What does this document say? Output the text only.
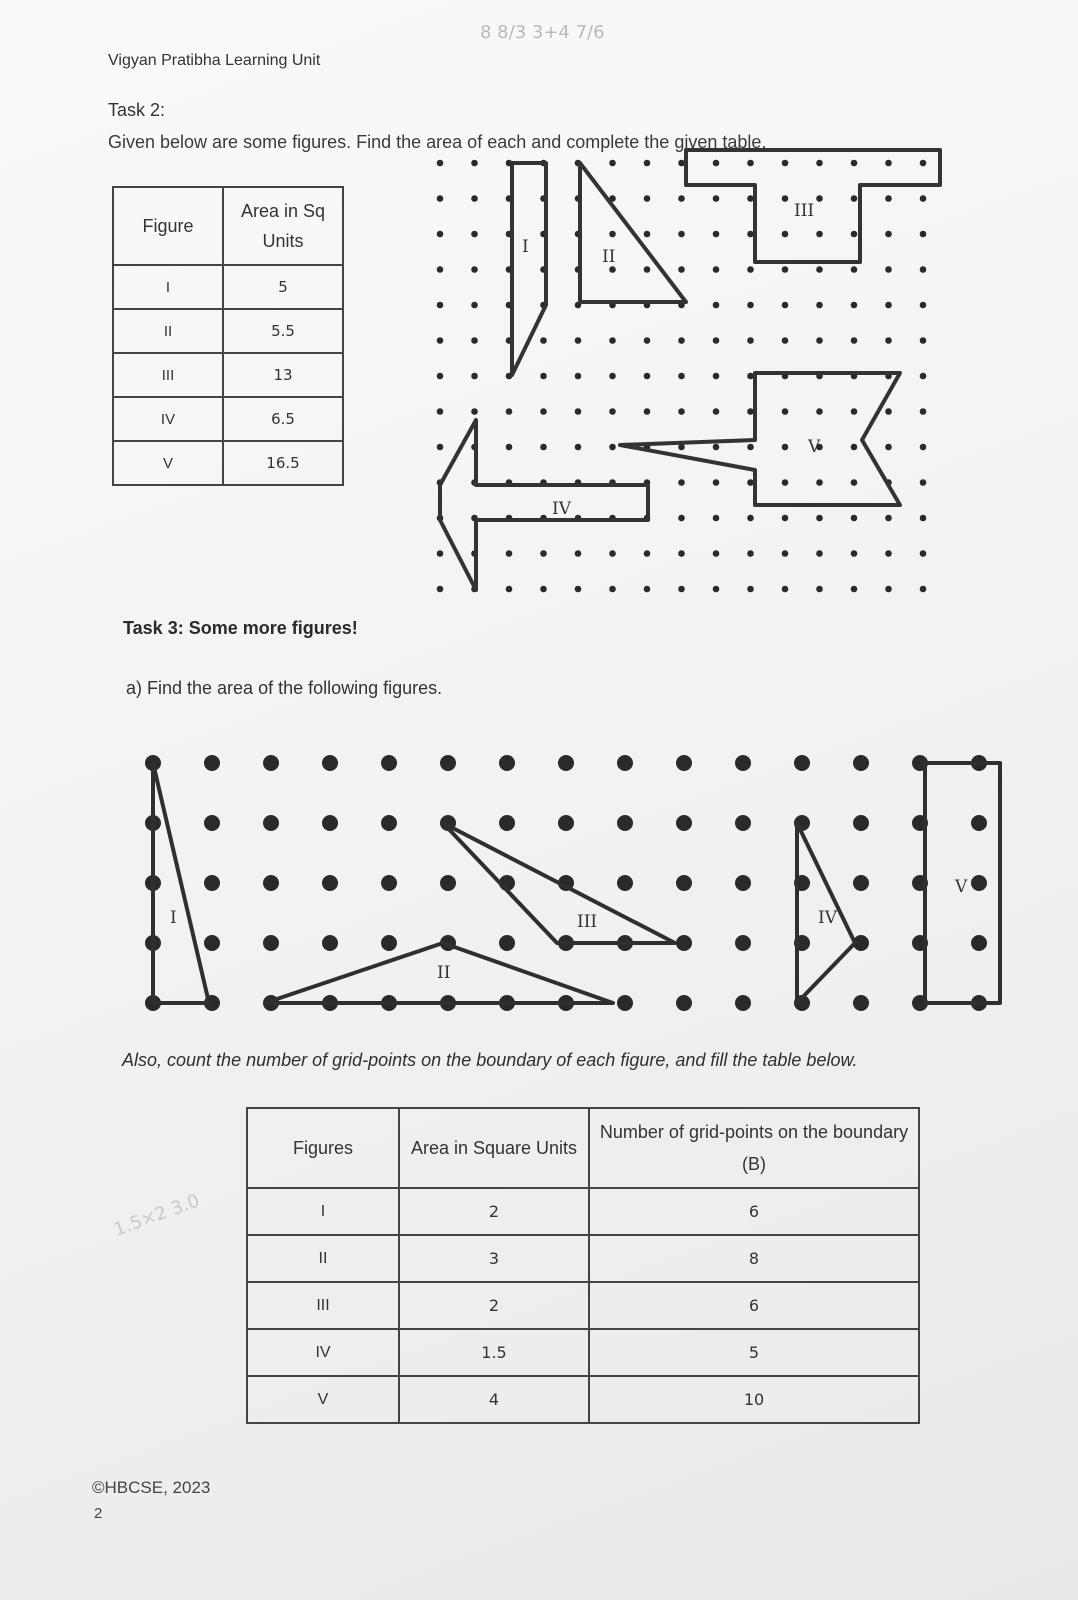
Vigyan Pratibha Learning Unit
8 8/3 3+4 7/6
Task 2:
Given below are some figures. Find the area of each and complete the given table.
Figure	Area in Sq Units
I	5
II	5.5
III	13
IV	6.5
V	16.5
I	II
III
IV
V
Task 3: Some more figures!
a) Find the area of the following figures.
I
II
III	IV
V
Also, count the number of grid-points on the boundary of each figure, and fill the table below.
1.5×2 3.0
Figures	Area in Square Units	Number of grid-points on the boundary (B)
I	2	6
II	3	8
III	2	6
IV	1.5	5
V	4	10
©HBCSE, 2023
2
